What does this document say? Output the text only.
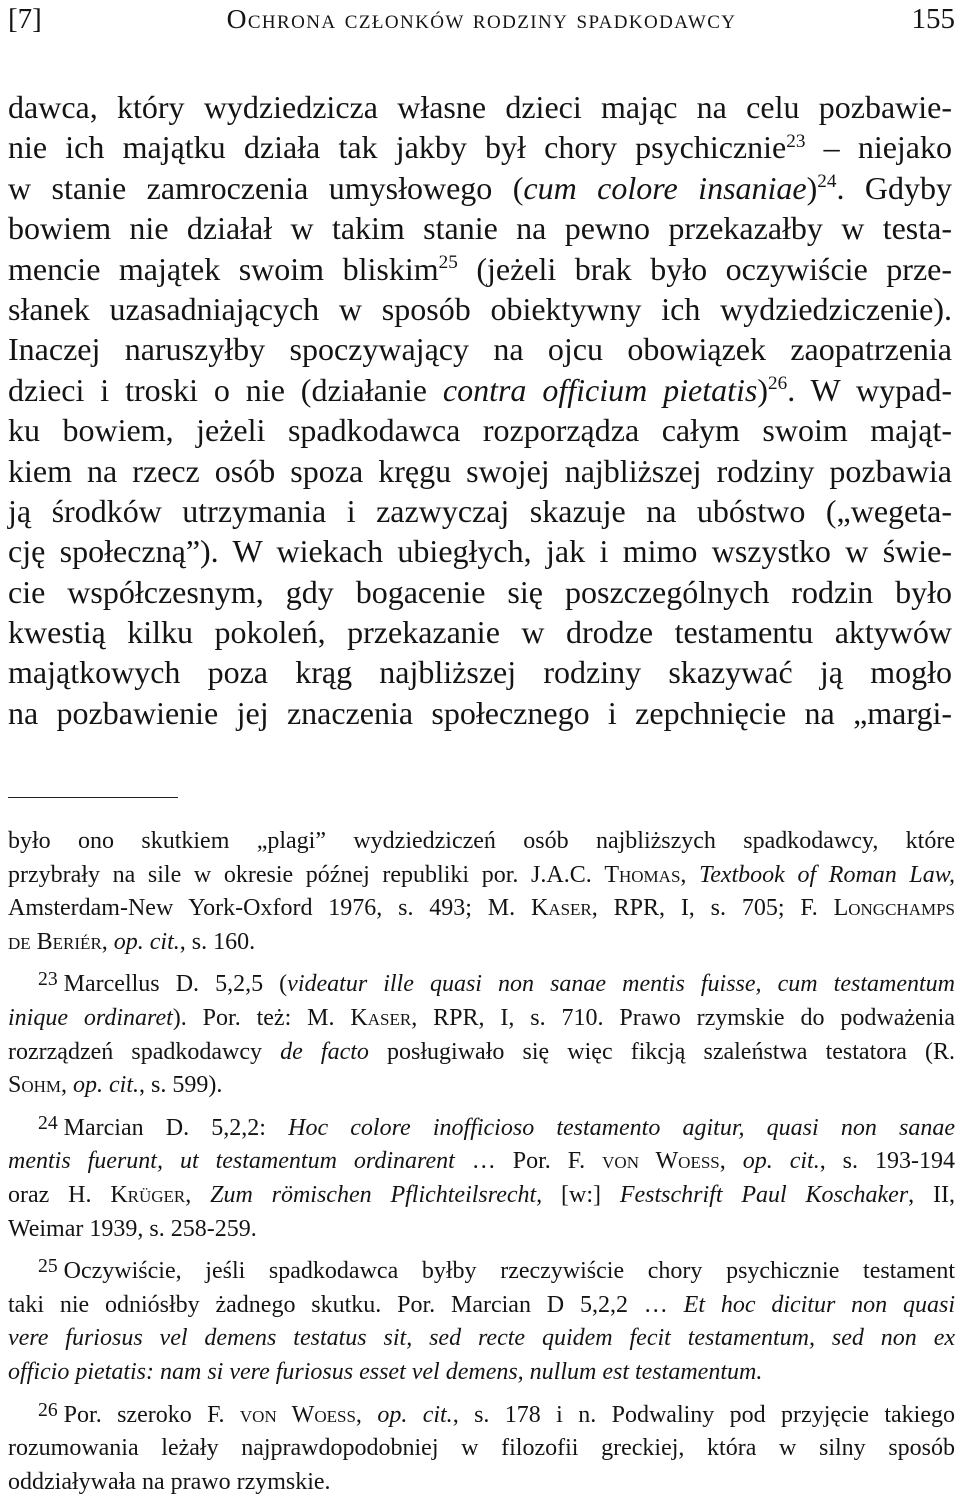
[7]	Ochrona członków rodziny spadkodawcy	155
dawca, który wydziedzicza własne dzieci mając na celu pozbawie-
nie ich majątku działa tak jakby był chory psychicznie$^{23}$ – niejako
w stanie zamroczenia umysłowego (cum colore insaniae)$^{24}$. Gdyby
bowiem nie działał w takim stanie na pewno przekazałby w testa-
mencie majątek swoim bliskim$^{25}$ (jeżeli brak było oczywiście prze-
słanek uzasadniających w sposób obiektywny ich wydziedziczenie).
Inaczej naruszyłby spoczywający na ojcu obowiązek zaopatrzenia
dzieci i troski o nie (działanie contra officium pietatis)$^{26}$. W wypad-
ku bowiem, jeżeli spadkodawca rozporządza całym swoim mająt-
kiem na rzecz osób spoza kręgu swojej najbliższej rodziny pozbawia
ją środków utrzymania i zazwyczaj skazuje na ubóstwo („wegeta-
cję społeczną”). W wiekach ubiegłych, jak i mimo wszystko w świe-
cie współczesnym, gdy bogacenie się poszczególnych rodzin było
kwestią kilku pokoleń, przekazanie w drodze testamentu aktywów
majątkowych poza krąg najbliższej rodziny skazywać ją mogło
na pozbawienie jej znaczenia społecznego i zepchnięcie na „margi-
było ono skutkiem „plagi” wydziedziczeń osób najbliższych spadkodawcy, które
przybrały na sile w okresie późnej republiki por. J.A.C. Thomas, Textbook of Roman Law,
Amsterdam-New York-Oxford 1976, s. 493; M. Kaser, RPR, I, s. 705; F. Longchamps
de Beriér, op. cit., s. 160.
$^{23}$ Marcellus D. 5,2,5 (videatur ille quasi non sanae mentis fuisse, cum testamentum
inique ordinaret). Por. też: M. Kaser, RPR, I, s. 710. Prawo rzymskie do podważenia
rozrządzeń spadkodawcy de facto posługiwało się więc fikcją szaleństwa testatora (R.
Sohm, op. cit., s. 599).
$^{24}$ Marcian D. 5,2,2: Hoc colore inofficioso testamento agitur, quasi non sanae
mentis fuerunt, ut testamentum ordinarent … Por. F. von Woess, op. cit., s. 193-194
oraz H. Krüger, Zum römischen Pflichteilsrecht, [w:] Festschrift Paul Koschaker, II,
Weimar 1939, s. 258-259.
$^{25}$ Oczywiście, jeśli spadkodawca byłby rzeczywiście chory psychicznie testament
taki nie odniósłby żadnego skutku. Por. Marcian D 5,2,2 … Et hoc dicitur non quasi
vere furiosus vel demens testatus sit, sed recte quidem fecit testamentum, sed non ex
officio pietatis: nam si vere furiosus esset vel demens, nullum est testamentum.
$^{26}$ Por. szeroko F. von Woess, op. cit., s. 178 i n. Podwaliny pod przyjęcie takiego
rozumowania leżały najprawdopodobniej w filozofii greckiej, która w silny sposób
oddziaływała na prawo rzymskie.
